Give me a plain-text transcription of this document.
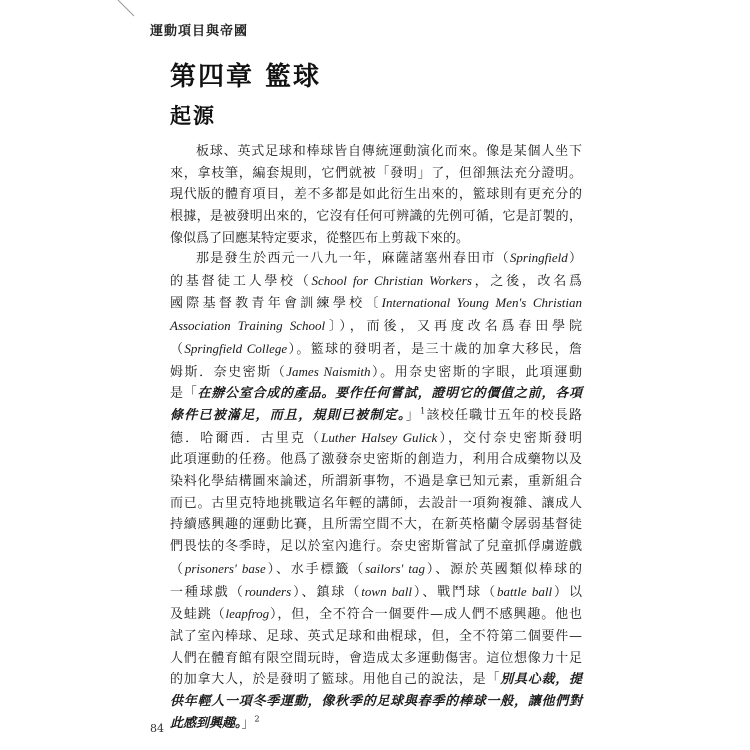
運動項目與帝國
第四章 籃球
起源
板球、英式足球和棒球皆自傳統運動演化而來。像是某個人坐下
來，拿枝筆，編套規則，它們就被「發明」了，但卻無法充分證明。
現代版的體育項目，差不多都是如此衍生出來的，籃球則有更充分的
根據，是被發明出來的，它沒有任何可辨識的先例可循，它是訂製的，
像似爲了回應某特定要求，從整匹布上剪裁下來的。
那是發生於西元一八九一年，麻薩諸塞州春田市（Springfield）
的基督徒工人學校（School for Christian Workers，之後，改名爲
國際基督教青年會訓練學校〔International Young Men's Christian
Association Training School〕），而後，又再度改名爲春田學院
（Springfield College）。籃球的發明者，是三十歲的加拿大移民，詹
姆斯．奈史密斯（James Naismith）。用奈史密斯的字眼，此項運動
是「在辦公室合成的產品。要作任何嘗試，證明它的價值之前，各項
條件已被滿足，而且，規則已被制定。」$^1$該校任職廿五年的校長路
德．哈爾西．古里克（Luther Halsey Gulick），交付奈史密斯發明
此項運動的任務。他爲了激發奈史密斯的創造力，利用合成藥物以及
染料化學結構圖來論述，所謂新事物，不過是拿已知元素，重新組合
而已。古里克特地挑戰這名年輕的講師，去設計一項夠複雜、讓成人
持續感興趣的運動比賽，且所需空間不大，在新英格蘭令孱弱基督徒
們畏怯的冬季時，足以於室內進行。奈史密斯嘗試了兒童抓俘虜遊戲
（prisoners' base）、水手標籤（sailors' tag）、源於英國類似棒球的
一種球戲（rounders）、鎮球（town ball）、戰鬥球（battle ball）以
及蛙跳（leapfrog），但，全不符合一個要件—成人們不感興趣。他也
試了室內棒球、足球、英式足球和曲棍球，但，全不符第二個要件—
人們在體育館有限空間玩時，會造成太多運動傷害。這位想像力十足
的加拿大人，於是發明了籃球。用他自己的說法，是「別具心裁，提
供年輕人一項冬季運動，像秋季的足球與春季的棒球一般，讓他們對
此感到興趣。」$^2$
84
